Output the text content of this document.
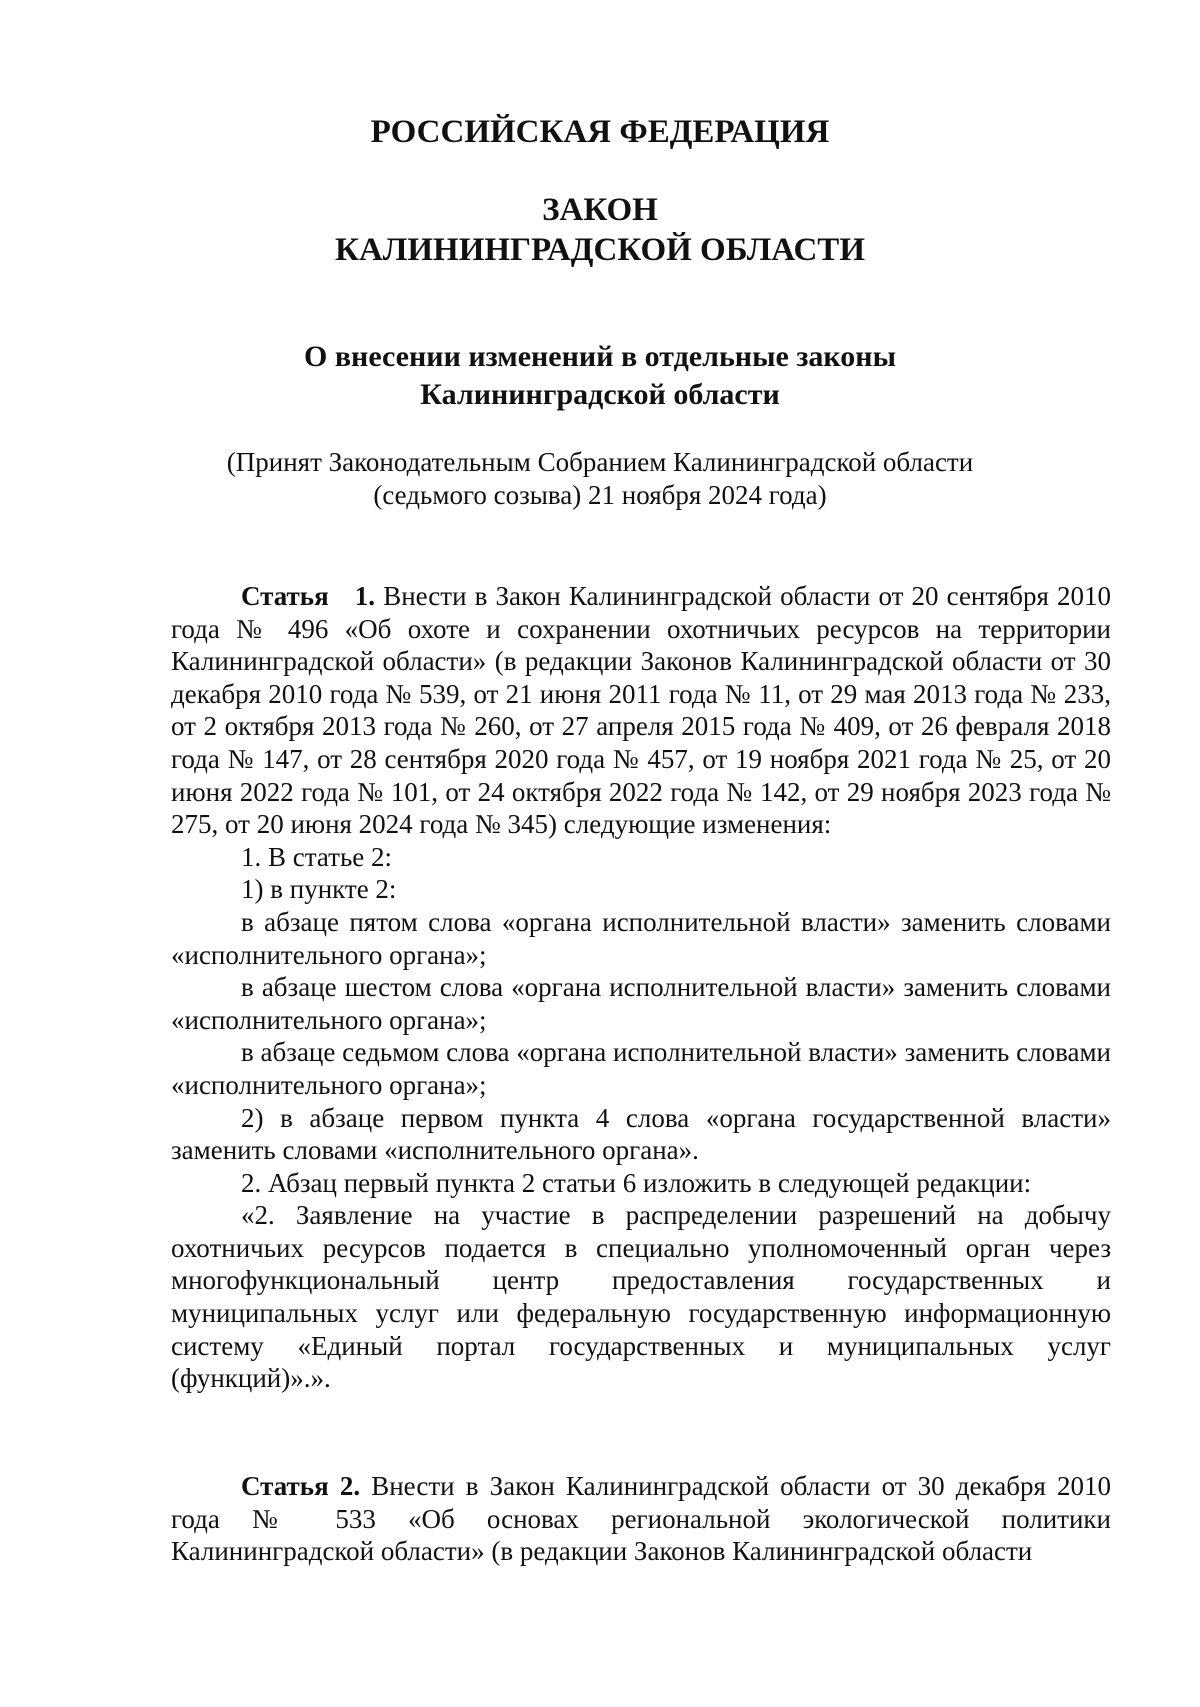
РОССИЙСКАЯ ФЕДЕРАЦИЯ
ЗАКОН
КАЛИНИНГРАДСКОЙ ОБЛАСТИ
О внесении изменений в отдельные законы
Калининградской области
(Принят Законодательным Собранием Калининградской области
(седьмого созыва) 21 ноября 2024 года)

Статья 1. Внести в Закон Калининградской области от 20 сентября 2010 года № 496 «Об охоте и сохранении охотничьих ресурсов на территории Калининградской области» (в редакции Законов Калининградской области от 30 декабря 2010 года № 539, от 21 июня 2011 года № 11, от 29 мая 2013 года № 233, от 2 октября 2013 года № 260, от 27 апреля 2015 года № 409, от 26 февраля 2018 года № 147, от 28 сентября 2020 года № 457, от 19 ноября 2021 года № 25, от 20 июня 2022 года № 101, от 24 октября 2022 года № 142, от 29 ноября 2023 года № 275, от 20 июня 2024 года № 345) следующие изменения:

1. В статье 2:

1) в пункте 2:

в абзаце пятом слова «органа исполнительной власти» заменить словами «исполнительного органа»;

в абзаце шестом слова «органа исполнительной власти» заменить словами «исполнительного органа»;

в абзаце седьмом слова «органа исполнительной власти» заменить словами «исполнительного органа»;

2) в абзаце первом пункта 4 слова «органа государственной власти» заменить словами «исполнительного органа».

2. Абзац первый пункта 2 статьи 6 изложить в следующей редакции:

«2. Заявление на участие в распределении разрешений на добычу охотничьих ресурсов подается в специально уполномоченный орган через многофункциональный центр предоставления государственных и муниципальных услуг или федеральную государственную информационную систему «Единый портал государственных и муниципальных услуг (функций)».».

Статья 2. Внести в Закон Калининградской области от 30 декабря 2010 года № 533 «Об основах региональной экологической политики Калининградской области» (в редакции Законов Калининградской области
